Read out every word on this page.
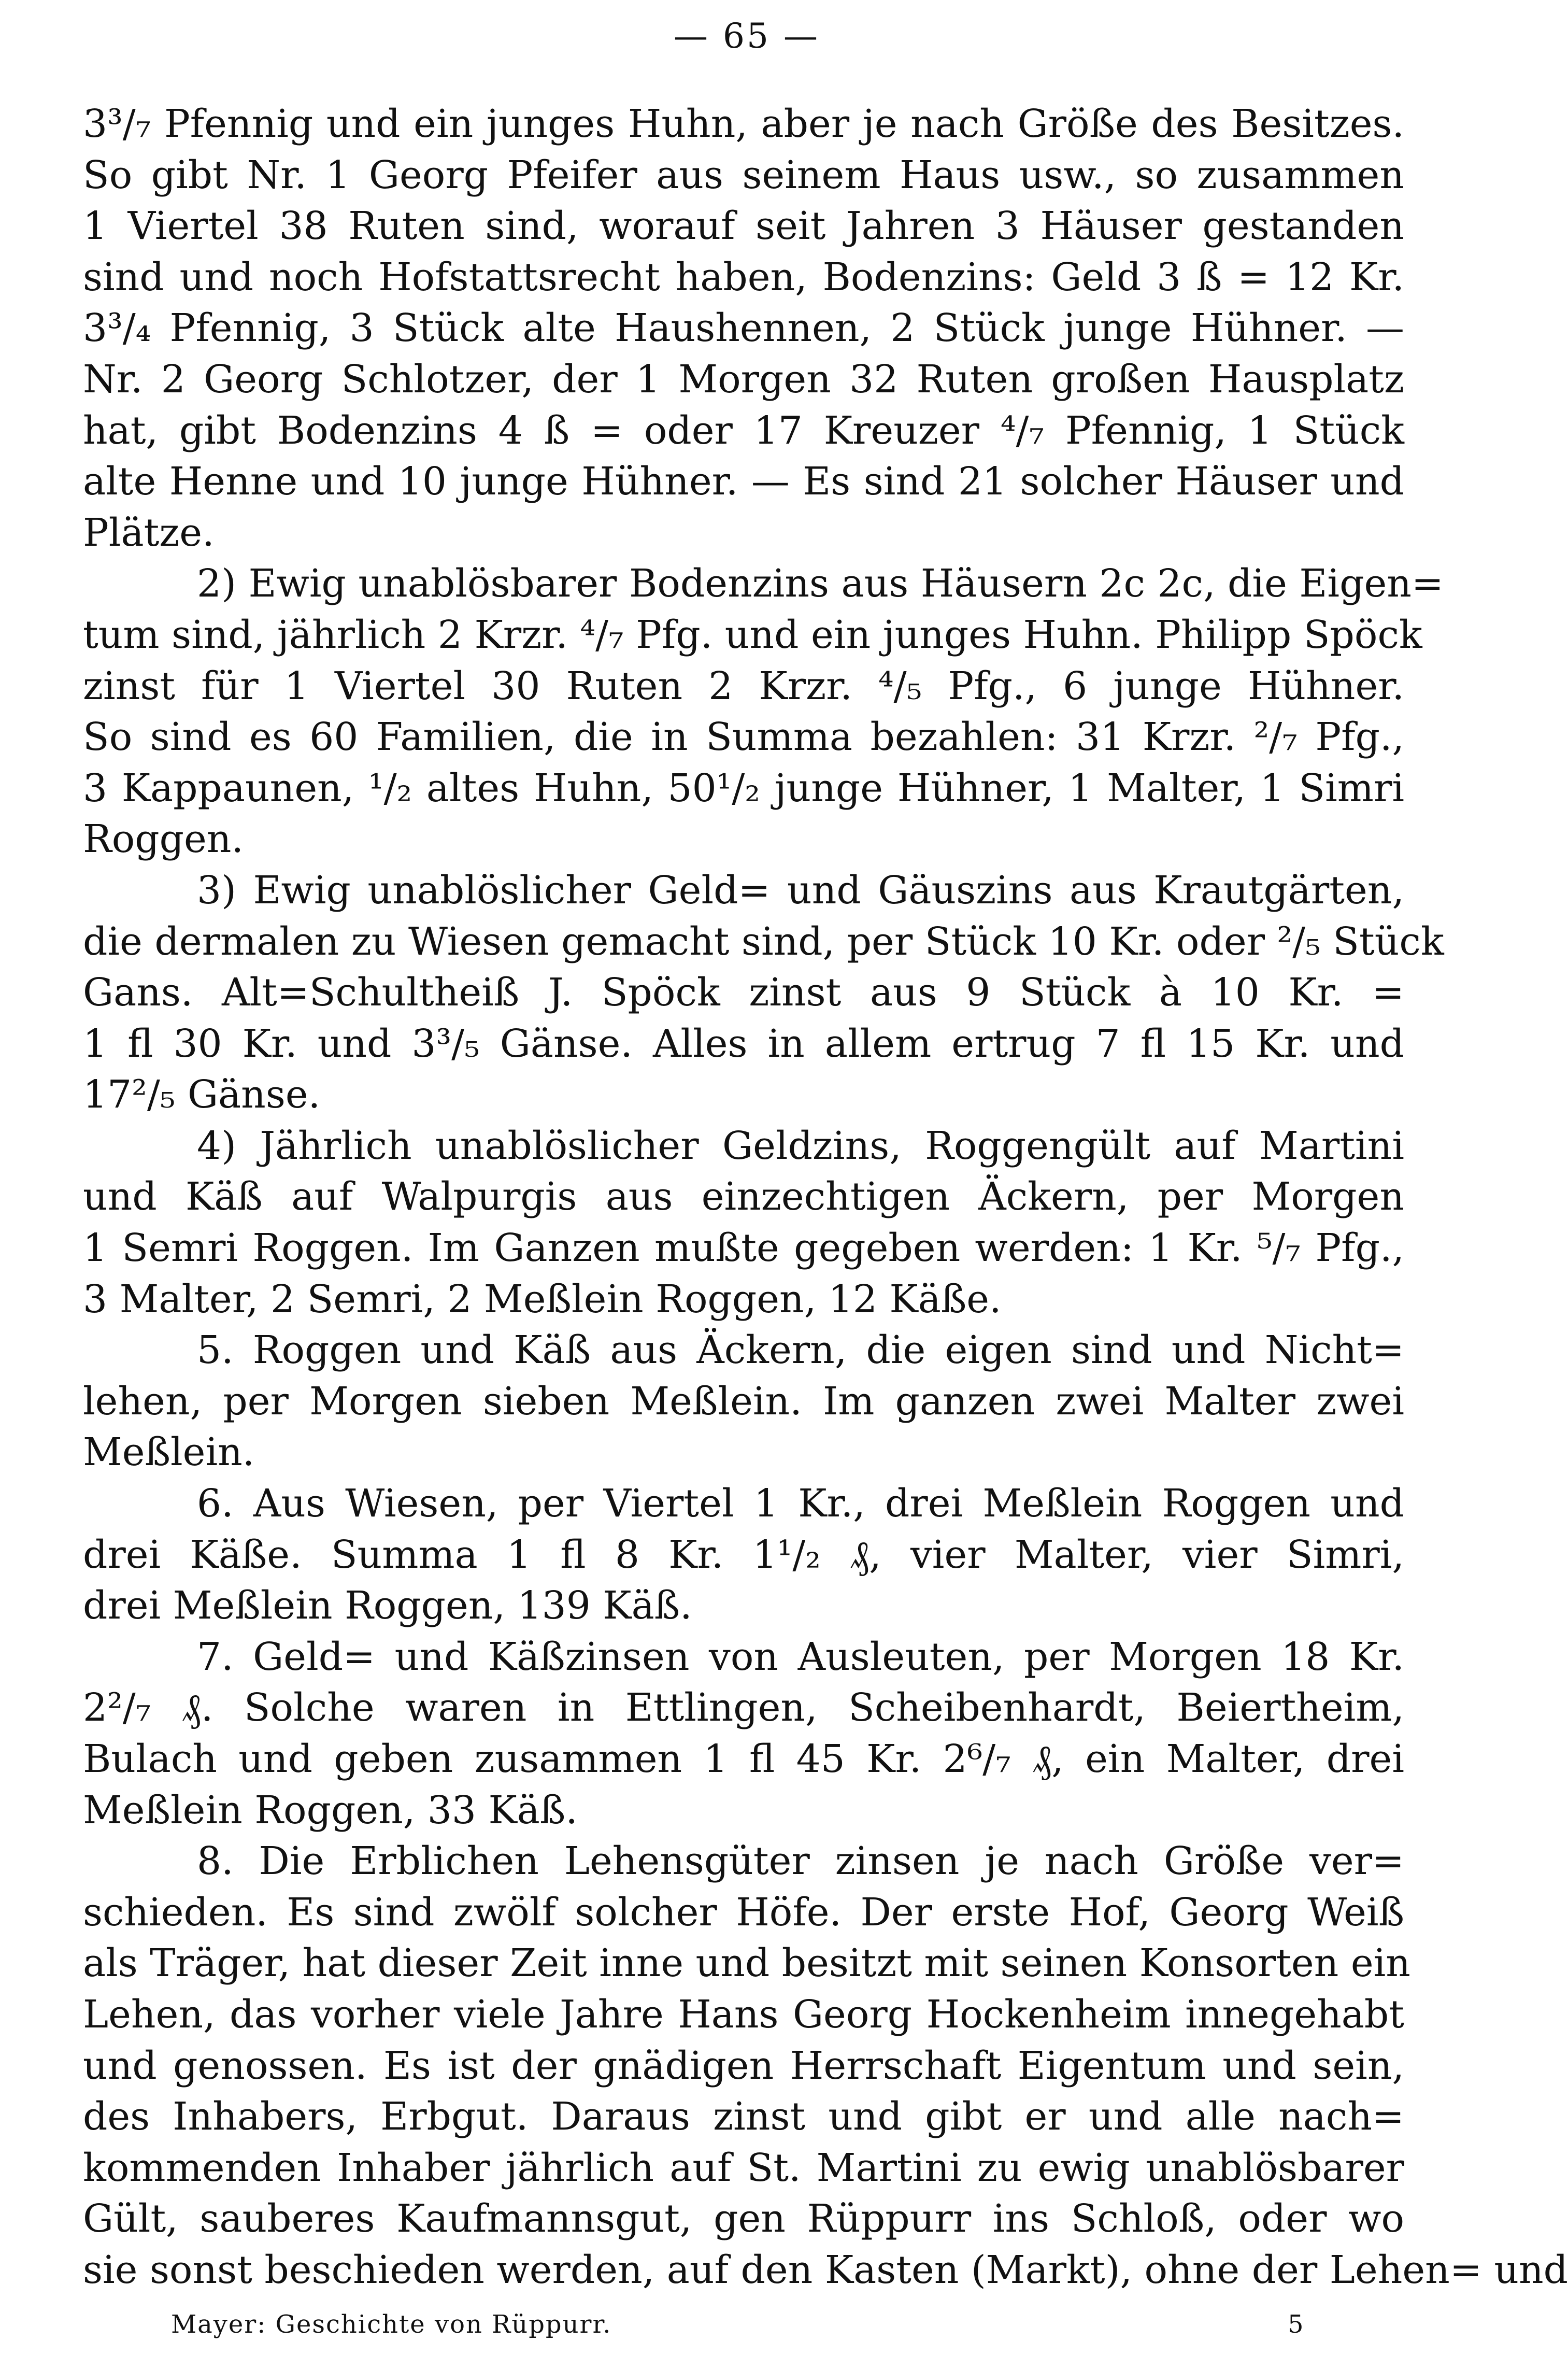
— 65 —
3³/₇ Pfennig und ein junges Huhn, aber je nach Größe des Besitzes.
So gibt Nr. 1 Georg Pfeifer aus seinem Haus usw., so zusammen
1 Viertel 38 Ruten sind, worauf seit Jahren 3 Häuser gestanden
sind und noch Hofstattsrecht haben, Bodenzins: Geld 3 ß = 12 Kr.
3³/₄ Pfennig, 3 Stück alte Haushennen, 2 Stück junge Hühner. —
Nr. 2 Georg Schlotzer, der 1 Morgen 32 Ruten großen Hausplatz
hat, gibt Bodenzins 4 ß = oder 17 Kreuzer ⁴/₇ Pfennig, 1 Stück
alte Henne und 10 junge Hühner. — Es sind 21 solcher Häuser und
Plätze.
2) Ewig unablösbarer Bodenzins aus Häusern 2c 2c, die Eigen=
tum sind, jährlich 2 Krzr. ⁴/₇ Pfg. und ein junges Huhn. Philipp Spöck
zinst für 1 Viertel 30 Ruten 2 Krzr. ⁴/₅ Pfg., 6 junge Hühner.
So sind es 60 Familien, die in Summa bezahlen: 31 Krzr. ²/₇ Pfg.,
3 Kappaunen, ¹/₂ altes Huhn, 50¹/₂ junge Hühner, 1 Malter, 1 Simri
Roggen.
3) Ewig unablöslicher Geld= und Gäuszins aus Krautgärten,
die dermalen zu Wiesen gemacht sind, per Stück 10 Kr. oder ²/₅ Stück
Gans. Alt=Schultheiß J. Spöck zinst aus 9 Stück à 10 Kr. =
1 fl 30 Kr. und 3³/₅ Gänse. Alles in allem ertrug 7 fl 15 Kr. und
17²/₅ Gänse.
4) Jährlich unablöslicher Geldzins, Roggengült auf Martini
und Käß auf Walpurgis aus einzechtigen Äckern, per Morgen
1 Semri Roggen. Im Ganzen mußte gegeben werden: 1 Kr. ⁵/₇ Pfg.,
3 Malter, 2 Semri, 2 Meßlein Roggen, 12 Käße.
5. Roggen und Käß aus Äckern, die eigen sind und Nicht=
lehen, per Morgen sieben Meßlein. Im ganzen zwei Malter zwei
Meßlein.
6. Aus Wiesen, per Viertel 1 Kr., drei Meßlein Roggen und
drei Käße. Summa 1 fl 8 Kr. 1¹/₂ ₰, vier Malter, vier Simri,
drei Meßlein Roggen, 139 Käß.
7. Geld= und Käßzinsen von Ausleuten, per Morgen 18 Kr.
2²/₇ ₰. Solche waren in Ettlingen, Scheibenhardt, Beiertheim,
Bulach und geben zusammen 1 fl 45 Kr. 2⁶/₇ ₰, ein Malter, drei
Meßlein Roggen, 33 Käß.
8. Die Erblichen Lehensgüter zinsen je nach Größe ver=
schieden. Es sind zwölf solcher Höfe. Der erste Hof, Georg Weiß
als Träger, hat dieser Zeit inne und besitzt mit seinen Konsorten ein
Lehen, das vorher viele Jahre Hans Georg Hockenheim innegehabt
und genossen. Es ist der gnädigen Herrschaft Eigentum und sein,
des Inhabers, Erbgut. Daraus zinst und gibt er und alle nach=
kommenden Inhaber jährlich auf St. Martini zu ewig unablösbarer
Gült, sauberes Kaufmannsgut, gen Rüppurr ins Schloß, oder wo
sie sonst beschieden werden, auf den Kasten (Markt), ohne der Lehen= und
Mayer: Geschichte von Rüppurr.	5
